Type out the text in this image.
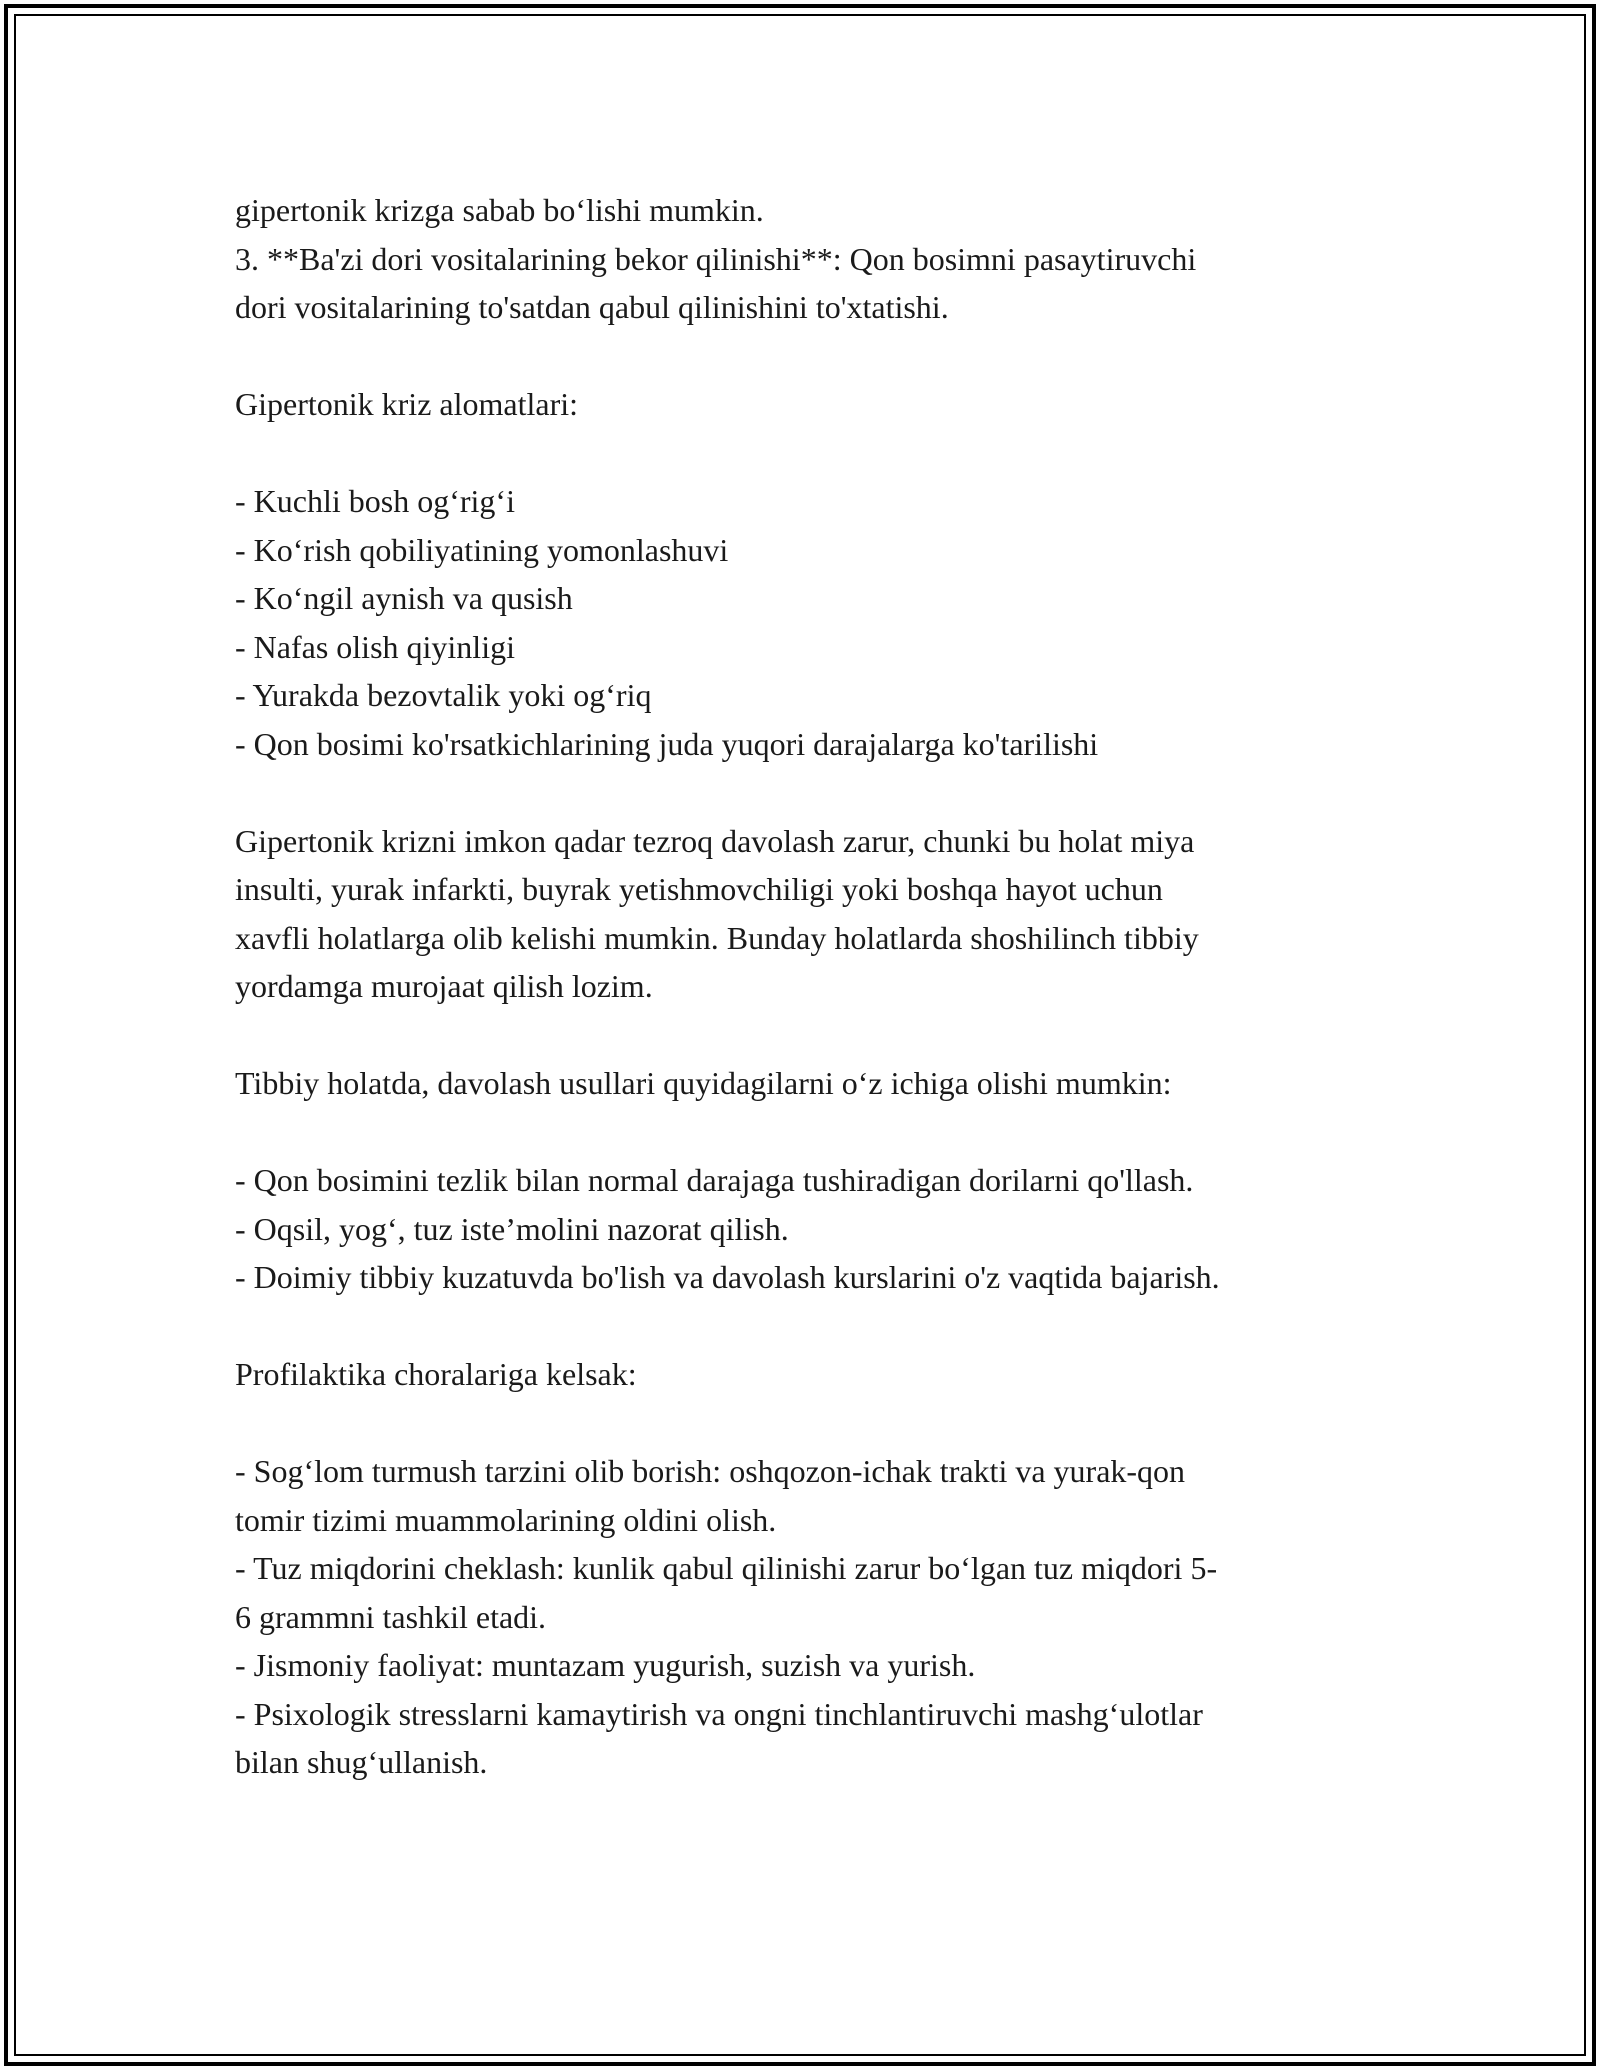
gipertonik krizga sabab boʻlishi mumkin.

3. **Ba'zi dori vositalarining bekor qilinishi**: Qon bosimni pasaytiruvchi

dori vositalarining to'satdan qabul qilinishini to'xtatishi.

Gipertonik kriz alomatlari:

- Kuchli bosh ogʻrigʻi

- Koʻrish qobiliyatining yomonlashuvi

- Koʻngil aynish va qusish

- Nafas olish qiyinligi

- Yurakda bezovtalik yoki ogʻriq

- Qon bosimi ko'rsatkichlarining juda yuqori darajalarga ko'tarilishi

Gipertonik krizni imkon qadar tezroq davolash zarur, chunki bu holat miya

insulti, yurak infarkti, buyrak yetishmovchiligi yoki boshqa hayot uchun

xavfli holatlarga olib kelishi mumkin. Bunday holatlarda shoshilinch tibbiy

yordamga murojaat qilish lozim.

Tibbiy holatda, davolash usullari quyidagilarni oʻz ichiga olishi mumkin:

- Qon bosimini tezlik bilan normal darajaga tushiradigan dorilarni qo'llash.

- Oqsil, yogʻ, tuz isteʼmolini nazorat qilish.

- Doimiy tibbiy kuzatuvda bo'lish va davolash kurslarini o'z vaqtida bajarish.

Profilaktika choralariga kelsak:

- Sogʻlom turmush tarzini olib borish: oshqozon-ichak trakti va yurak-qon

tomir tizimi muammolarining oldini olish.

- Tuz miqdorini cheklash: kunlik qabul qilinishi zarur boʻlgan tuz miqdori 5-

6 grammni tashkil etadi.

- Jismoniy faoliyat: muntazam yugurish, suzish va yurish.

- Psixologik stresslarni kamaytirish va ongni tinchlantiruvchi mashgʻulotlar

bilan shugʻullanish.
